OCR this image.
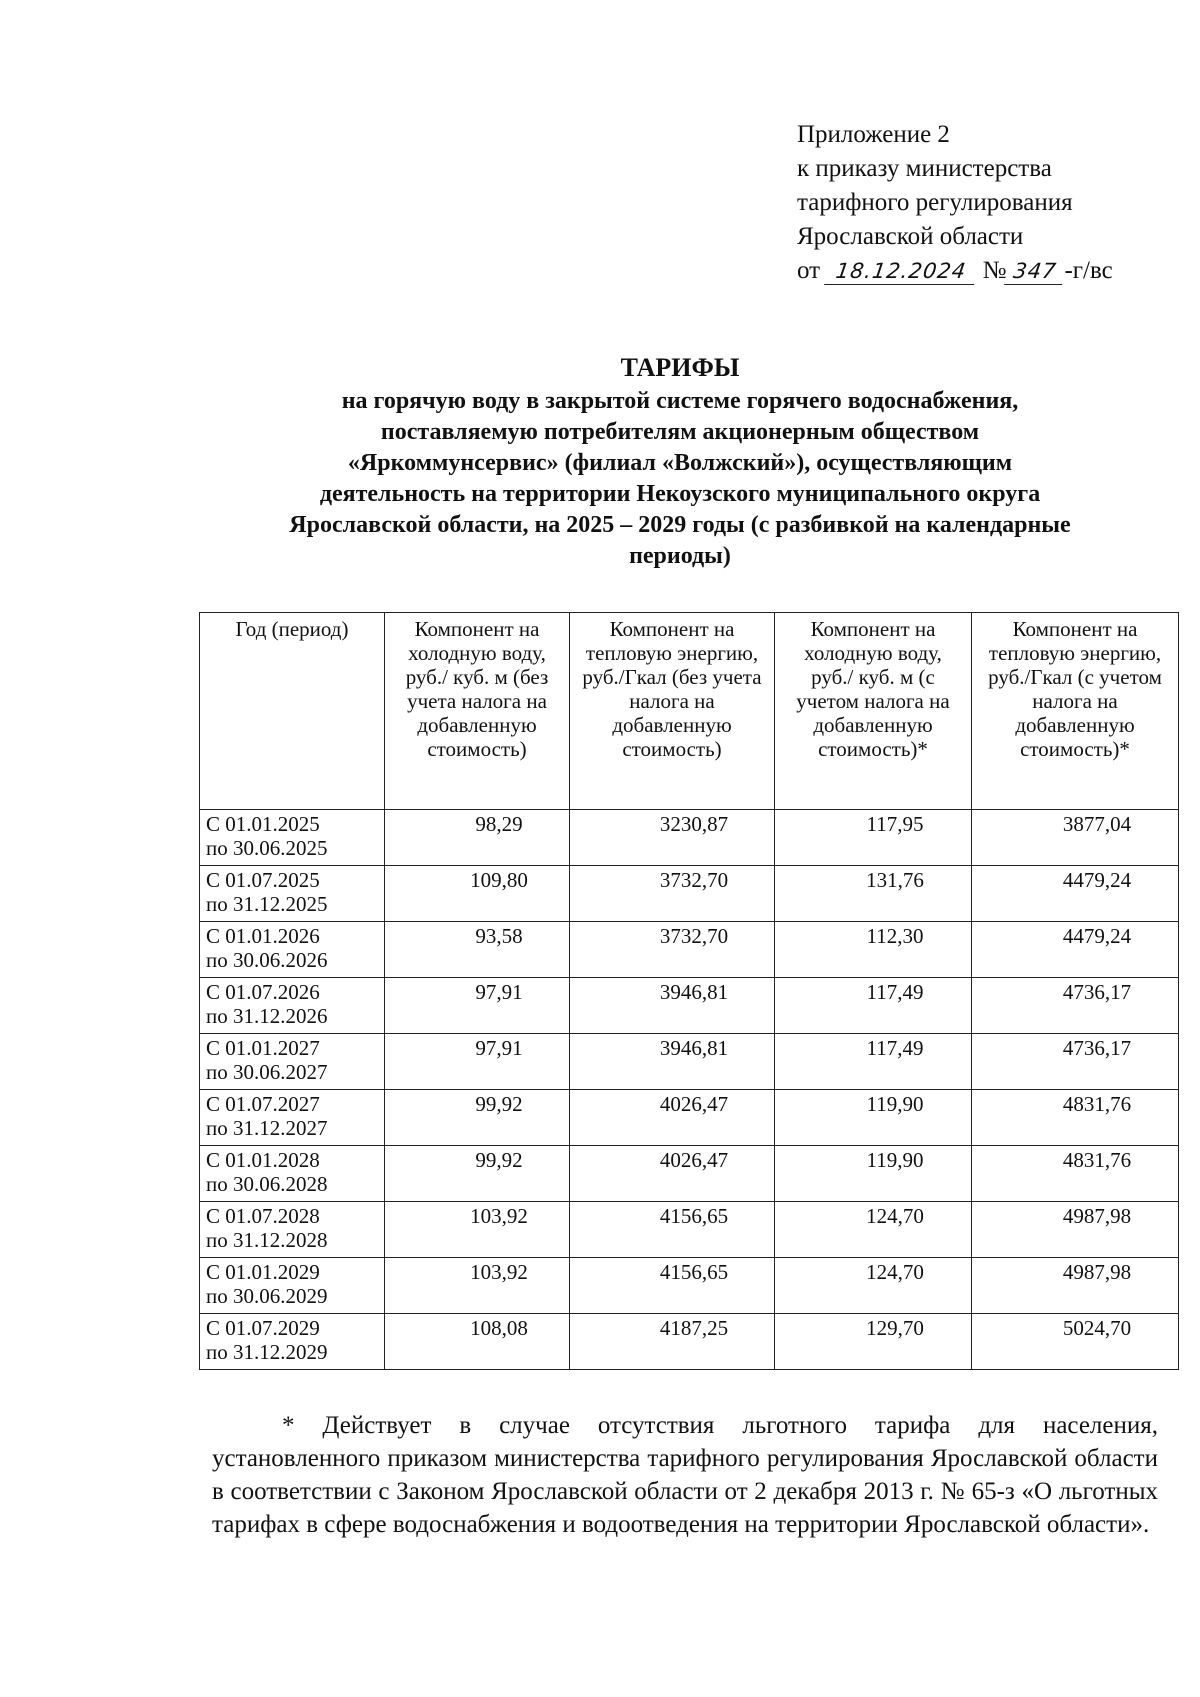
Приложение 2
к приказу министерства
тарифного регулирования
Ярославской области
от 18.12.2024 № 347 -г/вс
ТАРИФЫ
на горячую воду в закрытой системе горячего водоснабжения,
поставляемую потребителям акционерным обществом
«Яркоммунсервис» (филиал «Волжский»), осуществляющим
деятельность на территории Некоузского муниципального округа
Ярославской области, на 2025 – 2029 годы (с разбивкой на календарные
периоды)
Год (период)	Компонент на холодную воду, руб./ куб. м (без учета налога на добавленную стоимость)	Компонент на тепловую энергию, руб./Гкал (без учета налога на добавленную стоимость)	Компонент на холодную воду, руб./ куб. м (с учетом налога на добавленную стоимость)*	Компонент на тепловую энергию, руб./Гкал (с учетом налога на добавленную стоимость)*

С 01.01.2025
по 30.06.2025	98,29	3230,87	117,95	3877,04

С 01.07.2025
по 31.12.2025	109,80	3732,70	131,76	4479,24

С 01.01.2026
по 30.06.2026	93,58	3732,70	112,30	4479,24

С 01.07.2026
по 31.12.2026	97,91	3946,81	117,49	4736,17

С 01.01.2027
по 30.06.2027	97,91	3946,81	117,49	4736,17

С 01.07.2027
по 31.12.2027	99,92	4026,47	119,90	4831,76

С 01.01.2028
по 30.06.2028	99,92	4026,47	119,90	4831,76

С 01.07.2028
по 31.12.2028	103,92	4156,65	124,70	4987,98

С 01.01.2029
по 30.06.2029	103,92	4156,65	124,70	4987,98

С 01.07.2029
по 31.12.2029	108,08	4187,25	129,70	5024,70
* Действует в случае отсутствия льготного тарифа для населения, установленного приказом министерства тарифного регулирования Ярославской области в соответствии с Законом Ярославской области от 2 декабря 2013 г. № 65-з «О льготных тарифах в сфере водоснабжения и водоотведения на территории Ярославской области».
